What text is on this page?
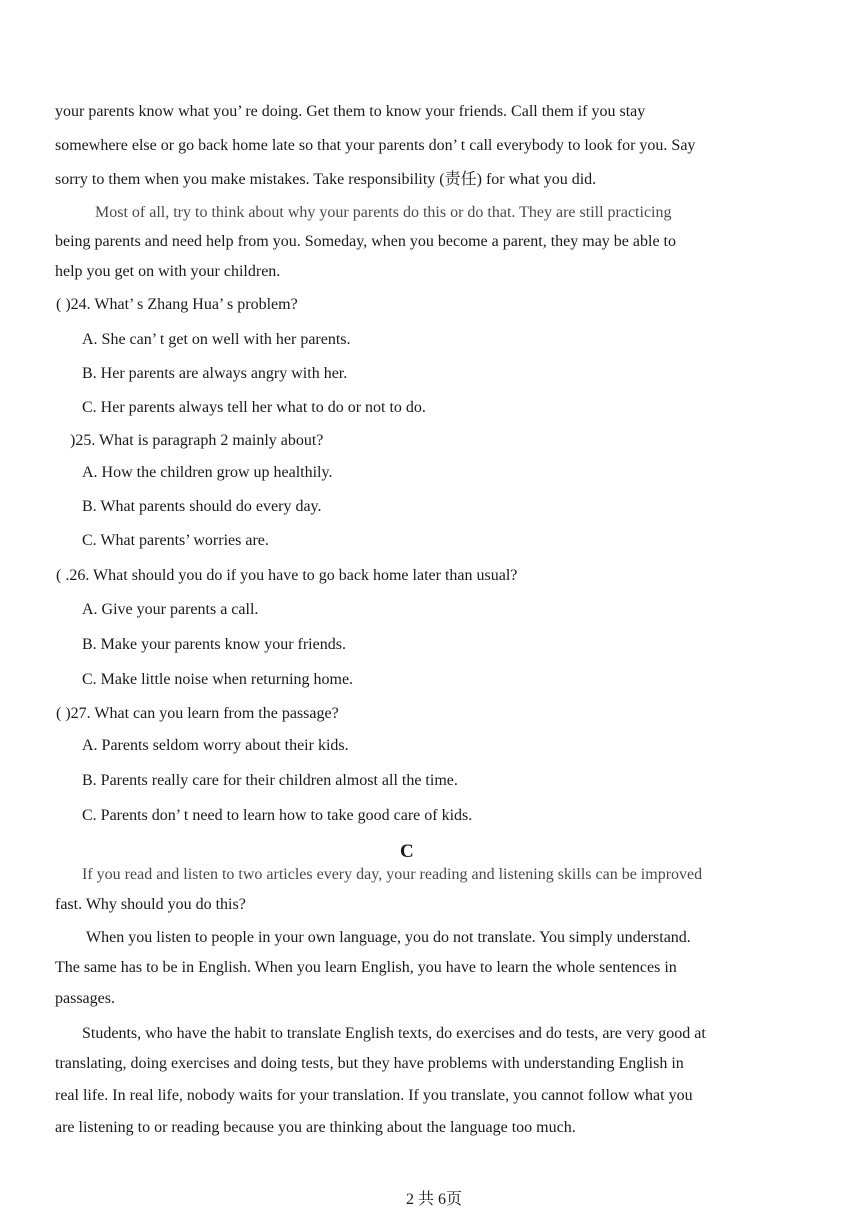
your parents know what you’ re doing. Get them to know your friends. Call them if you stay
somewhere else or go back home late so that your parents don’ t call everybody to look for you. Say
sorry to them when you make mistakes. Take responsibility (责任) for what you did.
Most of all, try to think about why your parents do this or do that. They are still practicing
being parents and need help from you. Someday, when you become a parent, they may be able to
help you get on with your children.
( )24. What’ s Zhang Hua’ s problem?
A. She can’ t get on well with her parents.
B. Her parents are always angry with her.
C. Her parents always tell her what to do or not to do.
)25. What is paragraph 2 mainly about?
A. How the children grow up healthily.
B. What parents should do every day.
C. What parents’ worries are.
( .26. What should you do if you have to go back home later than usual?
A. Give your parents a call.
B. Make your parents know your friends.
C. Make little noise when returning home.
( )27. What can you learn from the passage?
A. Parents seldom worry about their kids.
B. Parents really care for their children almost all the time.
C. Parents don’ t need to learn how to take good care of kids.
C
If you read and listen to two articles every day, your reading and listening skills can be improved
fast. Why should you do this?
When you listen to people in your own language, you do not translate. You simply understand.
The same has to be in English. When you learn English, you have to learn the whole sentences in
passages.
Students, who have the habit to translate English texts, do exercises and do tests, are very good at
translating, doing exercises and doing tests, but they have problems with understanding English in
real life. In real life, nobody waits for your translation. If you translate, you cannot follow what you
are listening to or reading because you are thinking about the language too much.
2 共 6页
